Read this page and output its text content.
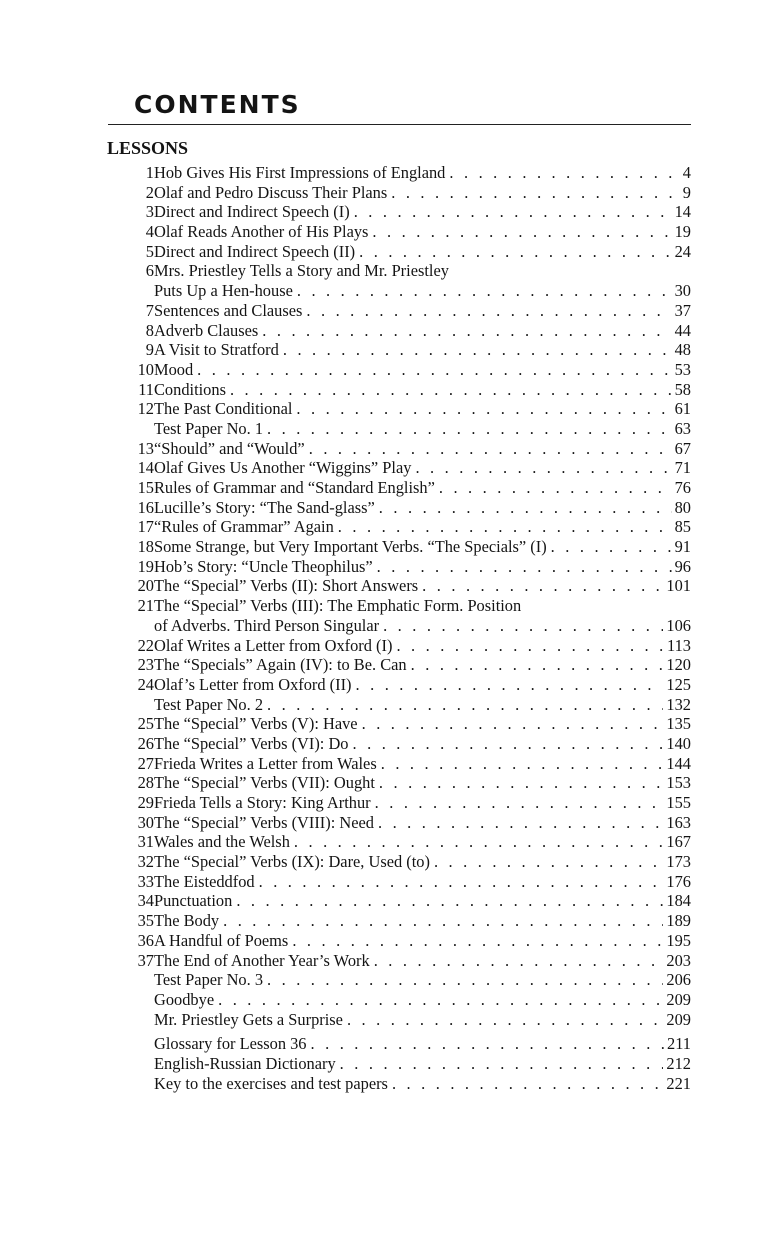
CONTENTS
LESSONS
1 Hob Gives His First Impressions of England . . .	4
2 Olaf and Pedro Discuss Their Plans . . .	9
3 Direct and Indirect Speech (I) . . .	14
4 Olaf Reads Another of His Plays . . .	19
5 Direct and Indirect Speech (II) . . .	24
6 Mrs. Priestley Tells a Story and Mr. Priestley
Puts Up a Hen-house . . .	30
7 Sentences and Clauses . . .	37
8 Adverb Clauses . . .	44
9 A Visit to Stratford . . .	48
10 Mood . . .	53
11 Conditions . . .	58
12 The Past Conditional . . .	61
Test Paper No. 1 . . .	63
13 “Should” and “Would” . . .	67
14 Olaf Gives Us Another “Wiggins” Play . . .	71
15 Rules of Grammar and “Standard English” . . .	76
16 Lucille’s Story: “The Sand-glass” . . .	80
17 “Rules of Grammar” Again . . .	85
18 Some Strange, but Very Important Verbs. “The Specials” (I) . . .	91
19 Hob’s Story: “Uncle Theophilus” . . .	96
20 The “Special” Verbs (II): Short Answers . . .	101
21 The “Special” Verbs (III): The Emphatic Form. Position
of Adverbs. Third Person Singular . . .	106
22 Olaf Writes a Letter from Oxford (I) . . .	113
23 The “Specials” Again (IV): to Be. Can . . .	120
24 Olaf’s Letter from Oxford (II) . . .	125
Test Paper No. 2 . . .	132
25 The “Special” Verbs (V): Have . . .	135
26 The “Special” Verbs (VI): Do . . .	140
27 Frieda Writes a Letter from Wales . . .	144
28 The “Special” Verbs (VII): Ought . . .	153
29 Frieda Tells a Story: King Arthur . . .	155
30 The “Special” Verbs (VIII): Need . . .	163
31 Wales and the Welsh . . .	167
32 The “Special” Verbs (IX): Dare, Used (to) . . .	173
33 The Eisteddfod . . .	176
34 Punctuation . . .	184
35 The Body . . .	189
36 A Handful of Poems . . .	195
37 The End of Another Year’s Work . . .	203
Test Paper No. 3 . . .	206
Goodbye . . .	209
Mr. Priestley Gets a Surprise . . .	209
Glossary for Lesson 36 . . .	211
English-Russian Dictionary . . .	212
Key to the exercises and test papers . . .	221
